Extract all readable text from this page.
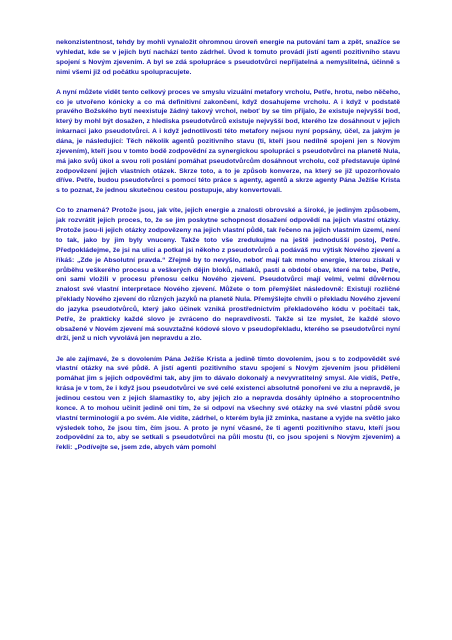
nekonzistentnost, tehdy by mohli vynaložit ohromnou úroveň energie na putování tam a zpět, snažíce se vyhledat, kde se v jejich bytí nachází tento zádrhel. Úvod k tomuto provádí jistí agenti pozitivního stavu spojení s Novým zjevením. A byl se zdá spolupráce s pseudotvůrci nepřijatelná a nemyslitelná, účinně s nimi všemi již od počátku spolupracujete.

A nyní můžete vidět tento celkový proces ve smyslu vizuální metafory vrcholu, Petře, hrotu, nebo něčeho, co je utvořeno kónicky a co má definitivní zakončení, když dosahujeme vrcholu. A i když v podstatě pravého Božského bytí neexistuje žádný takový vrchol, neboť by se tím přijalo, že existuje nejvyšší bod, který by mohl být dosažen, z hlediska pseudotvůrců existuje nejvyšší bod, kterého lze dosáhnout v jejich inkarnaci jako pseudotvůrci. A i když jednotlivosti této metafory nejsou nyní popsány, účel, za jakým je dána, je následující: Těch několik agentů pozitivního stavu (ti, kteří jsou nedílně spojeni jen s Novým zjevením), kteří jsou v tomto bodě zodpovědní za synergickou spolupráci s pseudotvůrci na planetě Nula, má jako svůj úkol a svou roli poslání pomáhat pseudotvůrcům dosáhnout vrcholu, což představuje úplné zodpovězení jejich vlastních otázek. Skrze toto, a to je způsob konverze, na který se již upozorňovalo dříve. Petře, budou pseudotvůrci s pomocí této práce s agenty, agentů a skrze agenty Pána Ježíše Krista s to poznat, že jednou skutečnou cestou postupuje, aby konvertovali.

Co to znamená? Protože jsou, jak víte, jejich energie a znalosti obrovské a široké, je jediným způsobem, jak rozvrátit jejich proces, to, že se jim poskytne schopnost dosažení odpovědí na jejich vlastní otázky. Protože jsou-li jejich otázky zodpovězeny na jejich vlastní půdě, tak řečeno na jejich vlastním území, není to tak, jako by jim byly vnuceny. Takže toto vše zredukujme na ještě jednodušší postoj, Petře. Předpokládejme, že jsi na ulici a potkal jsi někoho z pseudotvůrců a podáváš mu výtisk Nového zjevení a říkáš: „Zde je Absolutní pravda.“ Zřejmě by to nevyšlo, neboť mají tak mnoho energie, kterou získali v průběhu veškerého procesu a veškerých dějin bloků, nátlaků, pastí a období obav, které na tebe, Petře, oni sami vložili v procesu přenosu celku Nového zjevení. Pseudotvůrci mají velmi, velmi důvěrnou znalost své vlastní interpretace Nového zjevení. Můžete o tom přemýšlet následovně: Existují rozličné překlady Nového zjevení do různých jazyků na planetě Nula. Přemýšlejte chvíli o překladu Nového zjevení do jazyka pseudotvůrců, který jako účinek vzniká prostřednictvím překladového kódu v počítači tak, Petře, že prakticky každé slovo je zvráceno do nepravdivosti. Takže si lze myslet, že každé slovo obsažené v Novém zjevení má souvztažné kódové slovo v pseudopřekladu, kterého se pseudotvůrci nyní drží, jenž u nich vyvolává jen nepravdu a zlo.

Je ale zajímavé, že s dovolením Pána Ježíše Krista a jedině tímto dovolením, jsou s to zodpovědět své vlastní otázky na své půdě. A jistí agenti pozitivního stavu spojení s Novým zjevením jsou přiděleni pomáhat jim s jejich odpověďmi tak, aby jim to dávalo dokonalý a nevyvratitelný smysl. Ale vidíš, Petře, krása je v tom, že i když jsou pseudotvůrci ve své celé existenci absolutně ponořeni ve zlu a nepravdě, je jedinou cestou ven z jejich šlamastiky to, aby jejich zlo a nepravda dosáhly úplného a stoprocentního konce. A to mohou učinit jedině oni tím, že si odpoví na všechny své otázky na své vlastní půdě svou vlastní terminologií a po svém. Ale vidíte, zádrhel, o kterém byla již zmínka, nastane a vyjde na světlo jako výsledek toho, že jsou tím, čím jsou. A proto je nyní včasné, že ti agenti pozitivního stavu, kteří jsou zodpovědní za to, aby se setkali s pseudotvůrci na půli mostu (ti, co jsou spojeni s Novým zjevením) a řekli: „Podívejte se, jsem zde, abych vám pomohl
